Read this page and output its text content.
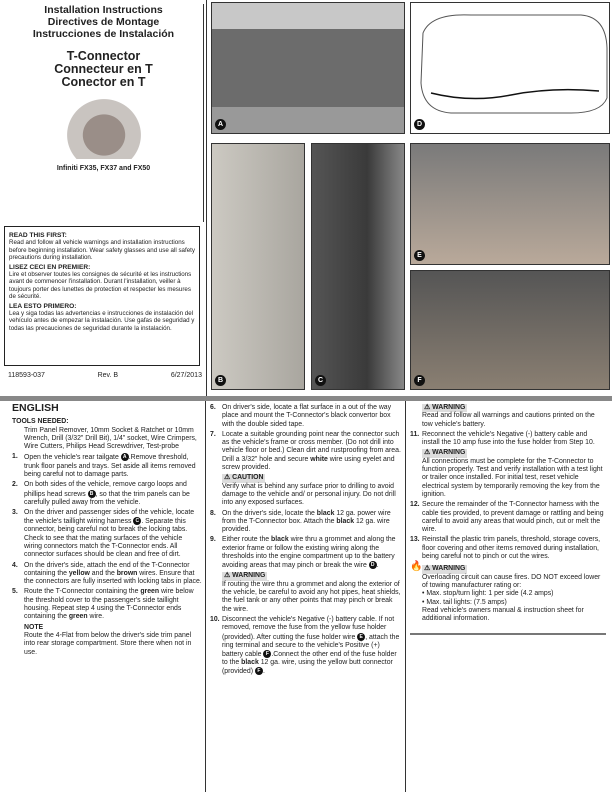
Installation Instructions
Directives de Montage
Instrucciones de Instalación
T-Connector
Connecteur en T
Conector en T
Infiniti FX35, FX37 and FX50
READ THIS FIRST:
Read and follow all vehicle warnings and installation instructions before beginning installation. Wear safety glasses and use all safety precautions during installation.
LISEZ CECI EN PREMIER:
Lire et observer toutes les consignes de sécurité et les instructions avant de commencer l'installation. Durant l'installation, veiller à toujours porter des lunettes de protection et respecter les mesures de sécurité.
LEA ESTO PRIMERO:
Lea y siga todas las advertencias e instrucciones de instalación del vehículo antes de empezar la instalación. Use gafas de seguridad y todas las precauciones de seguridad durante la instalación.
118593-037	Rev. B	6/27/2013
A	D
B	C
E
F
ENGLISH
TOOLS NEEDED:
Trim Panel Remover, 10mm Socket & Ratchet or 10mm Wrench, Drill (3/32" Drill Bit), 1/4" socket, Wire Crimpers, Wire Cutters, Philips Head Screwdriver, Test-probe
1. Open the vehicle's rear tailgate A .Remove threshold, trunk floor panels and trays. Set aside all items removed being careful not to damage parts.
2. On both sides of the vehicle, remove cargo loops and phillips head screws B , so that the trim panels can be carefully pulled away from the vehicle.
3. On the driver and passenger sides of the vehicle, locate the vehicle's taillight wiring harness C . Separate this connector, being careful not to break the locking tabs. Check to see that the mating surfaces of the vehicle wiring connectors match the T-Connector ends. All connector surfaces should be clean and free of dirt.
4. On the driver's side, attach the end of the T-Connector containing the yellow and the brown wires. Ensure that the connectors are fully inserted with locking tabs in place.
5. Route the T-Connector containing the green wire below the threshold cover to the passenger's side taillight housing. Repeat step 4 using the T-Connector ends containing the green wire.
NOTE
Route the 4-Flat from below the driver's side trim panel into rear storage compartment. Store there when not in use.
6. On driver's side, locate a flat surface in a out of the way place and mount the T-Connector's black convertor box with the double sided tape.
7. Locate a suitable grounding point near the connector such as the vehicle's frame or cross member. (Do not drill into vehicle floor or bed.) Clean dirt and rustproofing from area. Drill a 3/32" hole and secure white wire using eyelet and screw provided.
⚠ CAUTION
Verify what is behind any surface prior to drilling to avoid damage to the vehicle and/ or personal injury. Do not drill into any exposed surfaces.
8. On the driver's side, locate the black 12 ga. power wire from the T-Connector box. Attach the black 12 ga. wire provided.
9. Either route the black wire thru a grommet and along the exterior frame or follow the existing wiring along the thresholds into the engine compartment up to the battery avoiding areas that may pinch or break the wire D .
⚠ WARNING
If routing the wire thru a grommet and along the exterior of the vehicle, be careful to avoid any hot pipes, heat shields, the fuel tank or any other points that may pinch or break the wire.
10. Disconnect the vehicle's Negative (-) battery cable. If not removed, remove the fuse from the yellow fuse holder (provided). After cutting the fuse holder wire E , attach the ring terminal and secure to the vehicle's Positive (+) battery cable F .Connect the other end of the fuse holder to the black 12 ga. wire, using the yellow butt connector (provided) F .
⚠ WARNING
Read and follow all warnings and cautions printed on the tow vehicle's battery.
11. Reconnect the vehicle's Negative (-) battery cable and install the 10 amp fuse into the fuse holder from Step 10.
⚠ WARNING
All connections must be complete for the T-Connector to function properly. Test and verify installation with a test light or trailer once installed. For initial test, reset vehicle electrical system by temporarily removing the key from the ignition.
12. Secure the remainder of the T-Connector harness with the cable ties provided, to prevent damage or rattling and being careful to avoid any areas that would pinch, cut or melt the wire.
13. Reinstall the plastic trim panels, threshold, storage covers, floor covering and other items removed during installation, being careful not to pinch or cut the wires.
🔥 ⚠ WARNING
Overloading circuit can cause fires. DO NOT exceed lower of towing manufacturer rating or:
• Max. stop/turn light: 1 per side (4.2 amps)
• Max. tail lights: (7.5 amps)
Read vehicle's owners manual & instruction sheet for additional information.
